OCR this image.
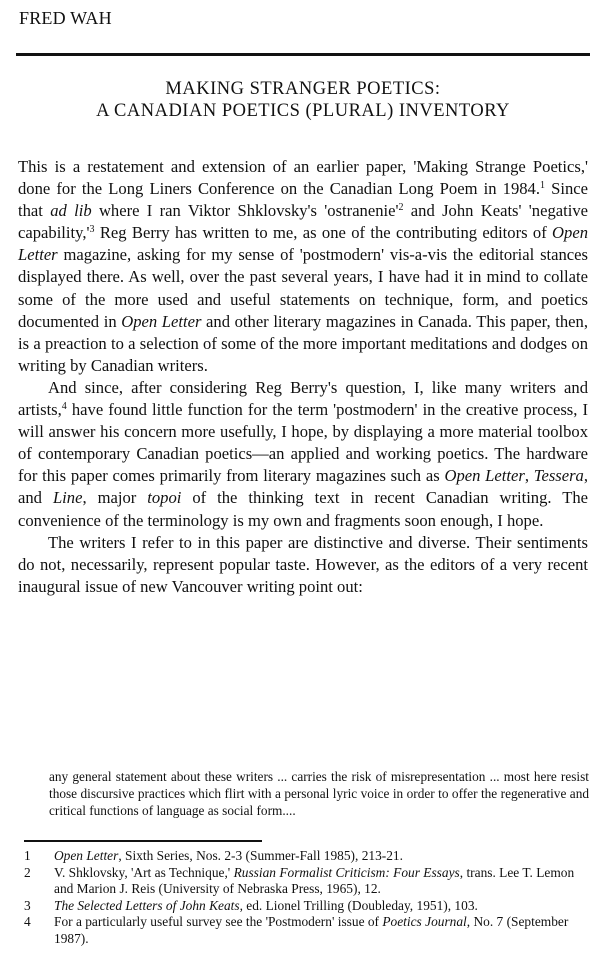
FRED WAH
MAKING STRANGER POETICS:
A CANADIAN POETICS (PLURAL) INVENTORY

This is a restatement and extension of an earlier paper, 'Making Strange Poetics,' done for the Long Liners Conference on the Canadian Long Poem in 1984.$^1$ Since that ad lib where I ran Viktor Shklovsky's '$ostranenie'^2$ and John Keats' 'negative $capability,'^3$ Reg Berry has written to me, as one of the contributing editors of Open Letter magazine, asking for my sense of 'postmodern' vis-a-vis the editorial stances displayed there. As well, over the past several years, I have had it in mind to collate some of the more used and useful statements on technique, form, and poetics documented in Open Letter and other literary magazines in Canada. This paper, then, is a preaction to a selection of some of the more important meditations and dodges on writing by Canadian writers.

And since, after considering Reg Berry's question, I, like many writers and artists,$^4$ have found little function for the term 'postmodern' in the creative process, I will answer his concern more usefully, I hope, by displaying a more material toolbox of contemporary Canadian poetics—an applied and working poetics. The hardware for this paper comes primarily from literary magazines such as Open Letter, Tessera, and Line, major topoi of the thinking text in recent Canadian writing. The convenience of the terminology is my own and fragments soon enough, I hope.

The writers I refer to in this paper are distinctive and diverse. Their sentiments do not, necessarily, represent popular taste. However, as the editors of a very recent inaugural issue of new Vancouver writing point out:

any general statement about these writers ... carries the risk of misrepresentation ... most here resist those discursive practices which flirt with a personal lyric voice in order to offer the regenerative and critical functions of language as social form....
1	Open Letter, Sixth Series, Nos. 2-3 (Summer-Fall 1985), 213-21.
2	V. Shklovsky, 'Art as Technique,' Russian Formalist Criticism: Four Essays, trans. Lee T. Lemon and Marion J. Reis (University of Nebraska Press, 1965), 12.
3	The Selected Letters of John Keats, ed. Lionel Trilling (Doubleday, 1951), 103.
4	For a particularly useful survey see the 'Postmodern' issue of Poetics Journal, No. 7 (September 1987).
